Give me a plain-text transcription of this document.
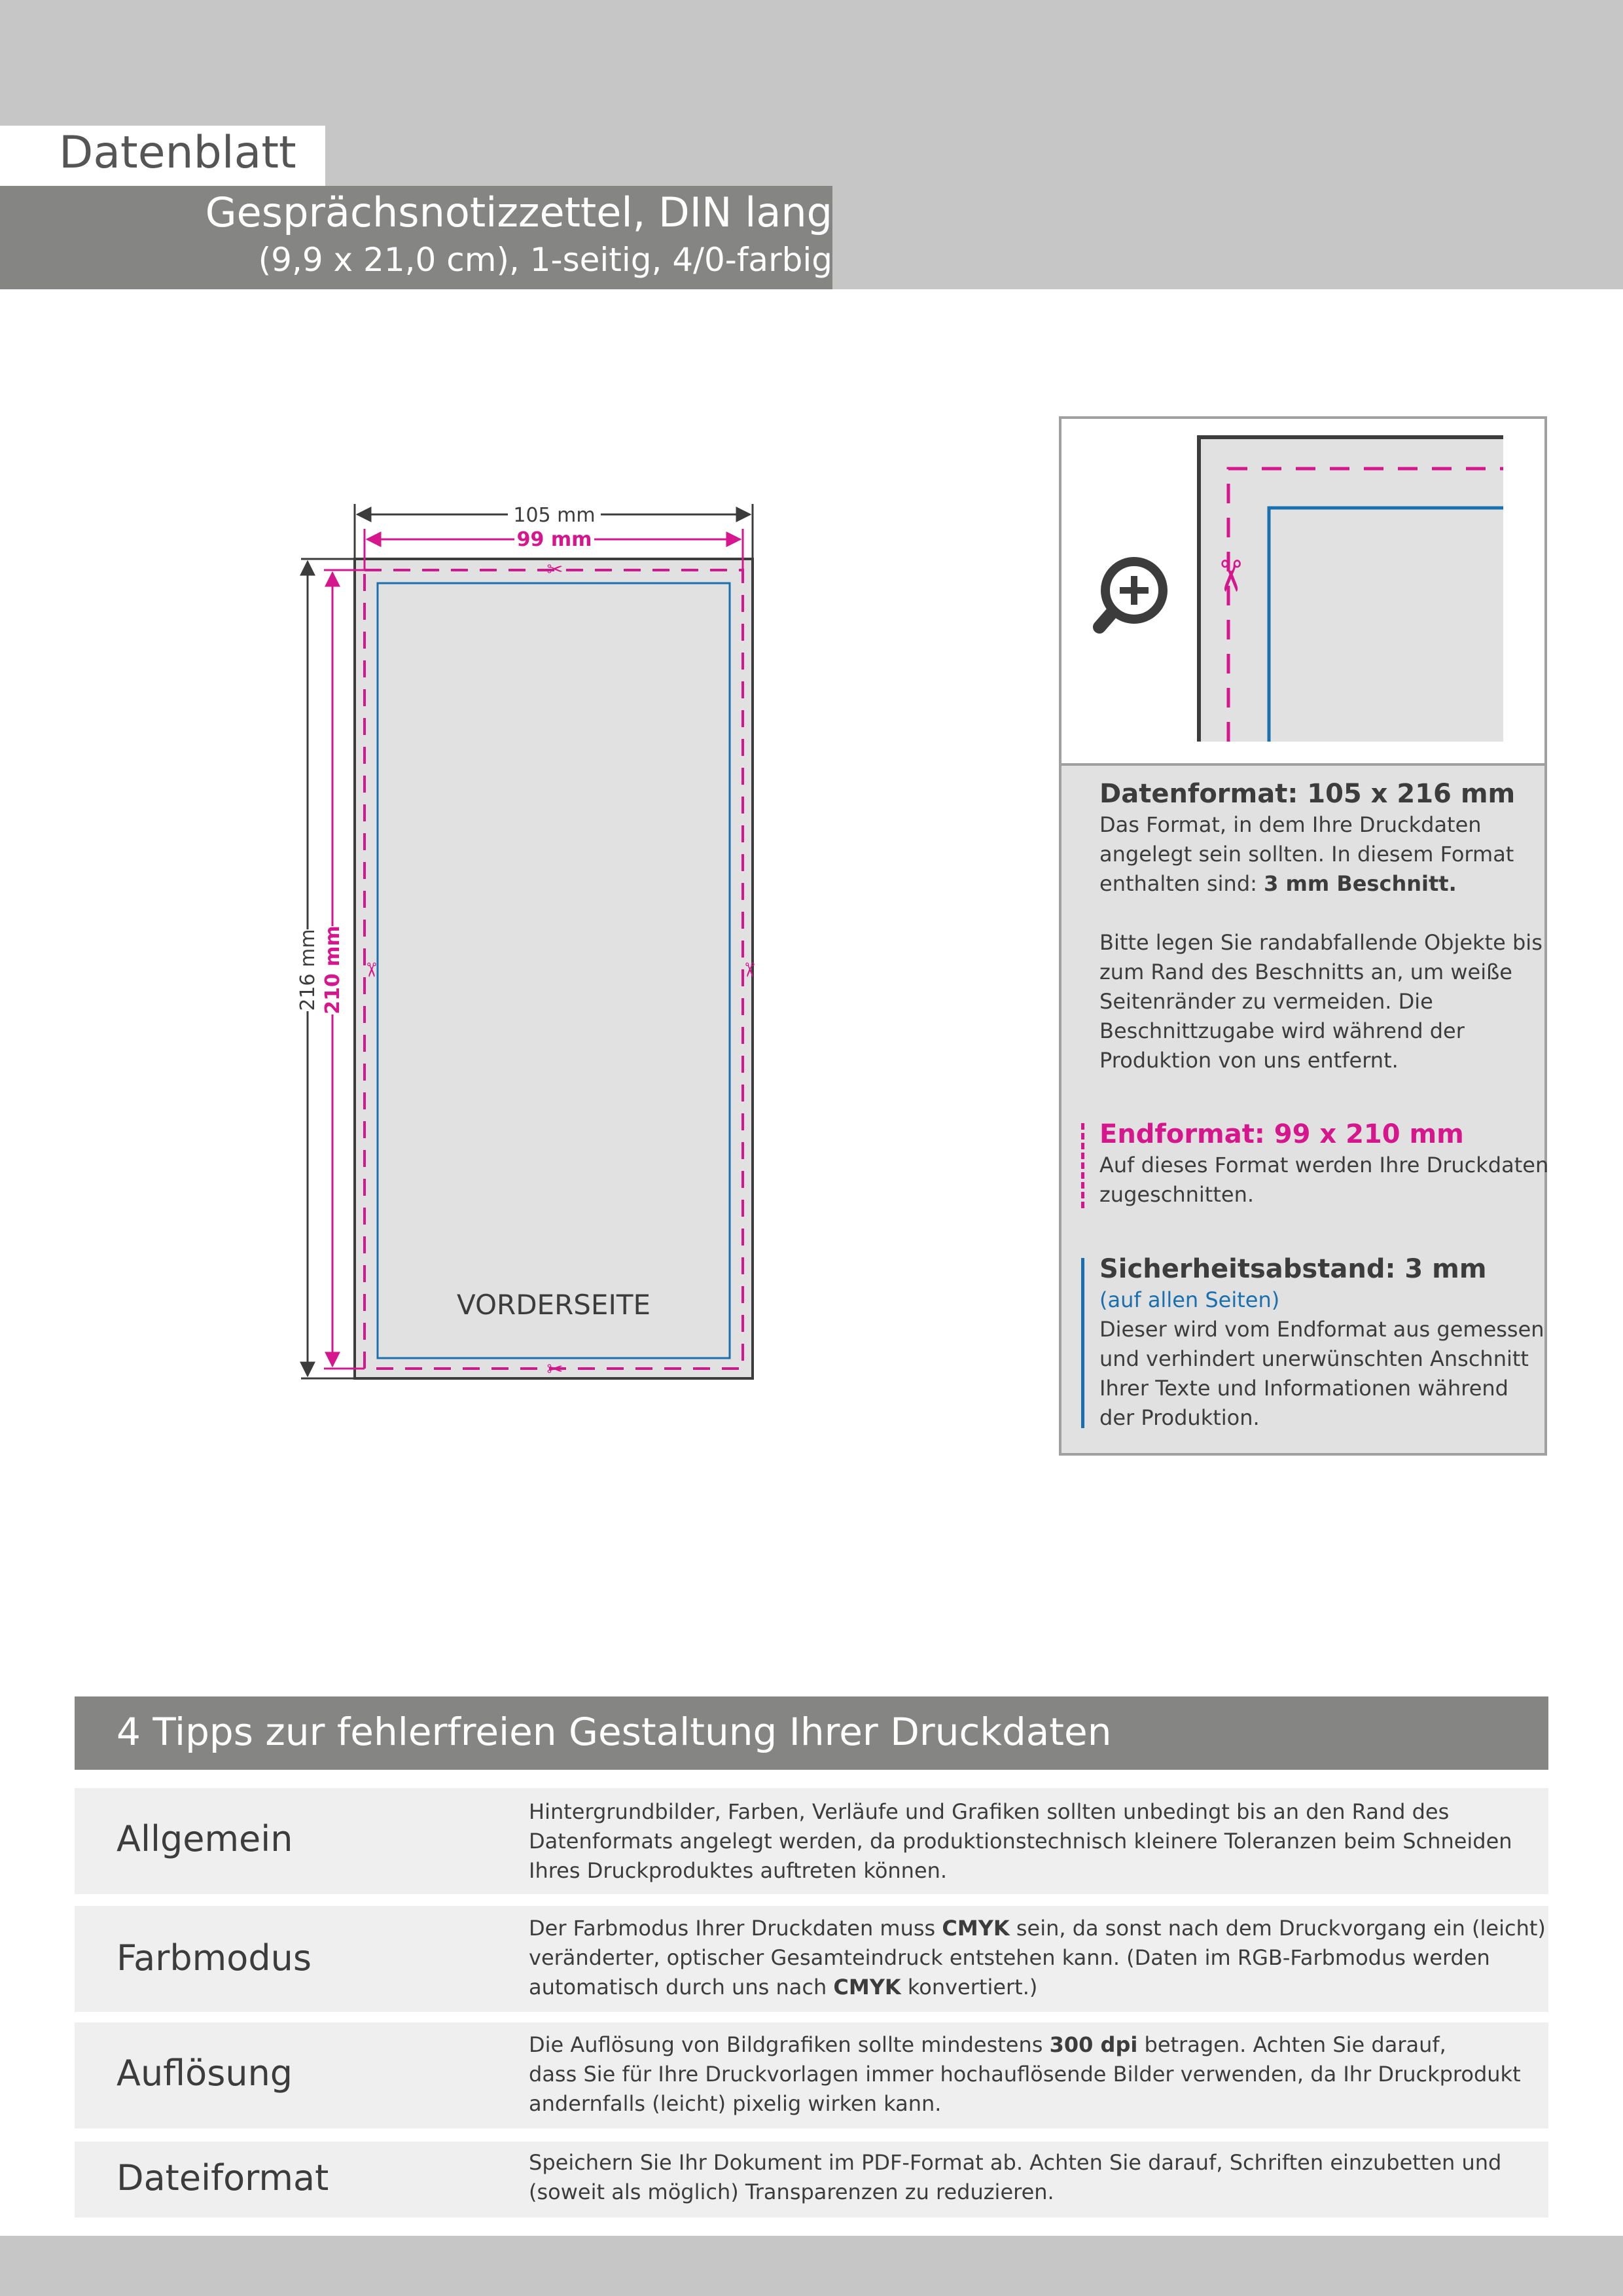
Datenblatt
Gesprächsnotizzettel, DIN lang
(9,9 x 21,0 cm), 1-seitig, 4/0-farbig
✂
✂
✂	✂
105 mm
99 mm
216 mm 210 mm
VORDERSEITE
✂
Datenformat: 105 x 216 mm
Das Format, in dem Ihre Druckdaten
angelegt sein sollten. In diesem Format
enthalten sind: 3 mm Beschnitt.
Bitte legen Sie randabfallende Objekte bis
zum Rand des Beschnitts an, um weiße
Seitenränder zu vermeiden. Die
Beschnittzugabe wird während der
Produktion von uns entfernt.
Endformat: 99 x 210 mm
Auf dieses Format werden Ihre Druckdaten
zugeschnitten.
Sicherheitsabstand: 3 mm
(auf allen Seiten)
Dieser wird vom Endformat aus gemessen
und verhindert unerwünschten Anschnitt
Ihrer Texte und Informationen während
der Produktion.
4 Tipps zur fehlerfreien Gestaltung Ihrer Druckdaten
Allgemein
Hintergrundbilder, Farben, Verläufe und Grafiken sollten unbedingt bis an den Rand des
Datenformats angelegt werden, da produktionstechnisch kleinere Toleranzen beim Schneiden
Ihres Druckproduktes auftreten können.
Farbmodus
Der Farbmodus Ihrer Druckdaten muss CMYK sein, da sonst nach dem Druckvorgang ein (leicht)
veränderter, optischer Gesamteindruck entstehen kann. (Daten im RGB-Farbmodus werden
automatisch durch uns nach CMYK konvertiert.)
Auflösung
Die Auflösung von Bildgrafiken sollte mindestens 300 dpi betragen. Achten Sie darauf,
dass Sie für Ihre Druckvorlagen immer hochauflösende Bilder verwenden, da Ihr Druckprodukt
andernfalls (leicht) pixelig wirken kann.
Dateiformat	Speichern Sie Ihr Dokument im PDF-Format ab. Achten Sie darauf, Schriften einzubetten und
(soweit als möglich) Transparenzen zu reduzieren.
